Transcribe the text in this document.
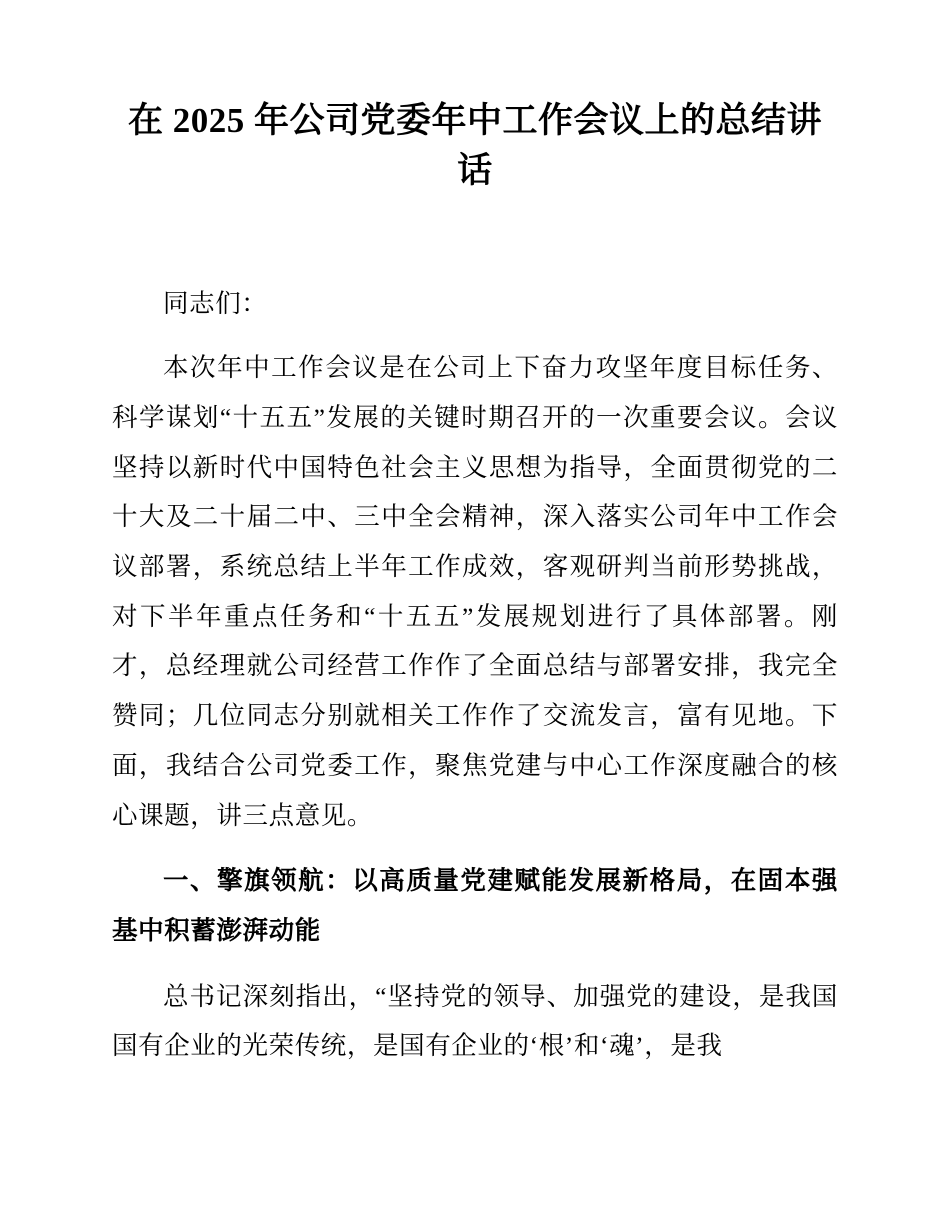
在 2025 年公司党委年中工作会议上的总结讲话

同志们：

本次年中工作会议是在公司上下奋力攻坚年度目标任务、科学谋划“十五五”发展的关键时期召开的一次重要会议。会议坚持以新时代中国特色社会主义思想为指导，全面贯彻党的二十大及二十届二中、三中全会精神，深入落实公司年中工作会议部署，系统总结上半年工作成效，客观研判当前形势挑战，对下半年重点任务和“十五五”发展规划进行了具体部署。刚才，总经理就公司经营工作作了全面总结与部署安排，我完全赞同；几位同志分别就相关工作作了交流发言，富有见地。下面，我结合公司党委工作，聚焦党建与中心工作深度融合的核心课题，讲三点意见。

一、擎旗领航：以高质量党建赋能发展新格局，在固本强基中积蓄澎湃动能

总书记深刻指出，“坚持党的领导、加强党的建设，是我国国有企业的光荣传统，是国有企业的‘根’和‘魂’，是我
